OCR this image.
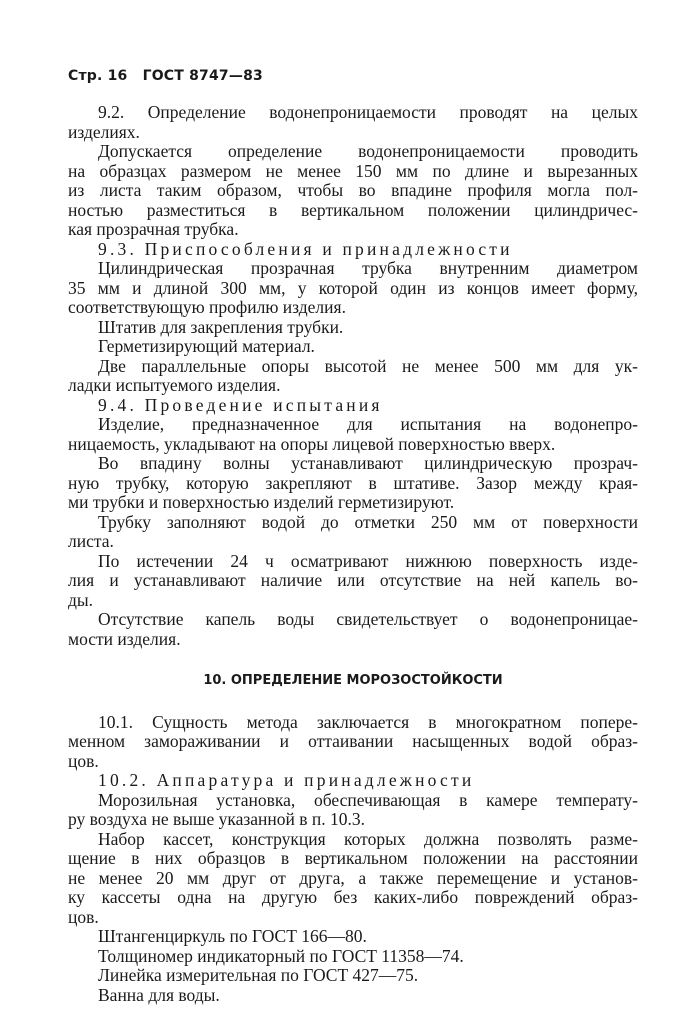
Стр. 16 ГОСТ 8747—83
9.2. Определение водонепроницаемости проводят на целых
изделиях.
Допускается определение водонепроницаемости проводить
на образцах размером не менее 150 мм по длине и вырезанных
из листа таким образом, чтобы во впадине профиля могла пол-
ностью разместиться в вертикальном положении цилиндричес-
кая прозрачная трубка.
9.3. Приспособления и принадлежности
Цилиндрическая прозрачная трубка внутренним диаметром
35 мм и длиной 300 мм, у которой один из концов имеет форму,
соответствующую профилю изделия.
Штатив для закрепления трубки.
Герметизирующий материал.
Две параллельные опоры высотой не менее 500 мм для ук-
ладки испытуемого изделия.
9.4. Проведение испытания
Изделие, предназначенное для испытания на водонепро-
ницаемость, укладывают на опоры лицевой поверхностью вверх.
Во впадину волны устанавливают цилиндрическую прозрач-
ную трубку, которую закрепляют в штативе. Зазор между края-
ми трубки и поверхностью изделий герметизируют.
Трубку заполняют водой до отметки 250 мм от поверхности
листа.
По истечении 24 ч осматривают нижнюю поверхность изде-
лия и устанавливают наличие или отсутствие на ней капель во-
ды.
Отсутствие капель воды свидетельствует о водонепроницае-
мости изделия.

10. ОПРЕДЕЛЕНИЕ МОРОЗОСТОЙКОСТИ

10.1. Сущность метода заключается в многократном попере-
менном замораживании и оттаивании насыщенных водой образ-
цов.
10.2. Аппаратура и принадлежности
Морозильная установка, обеспечивающая в камере температу-
ру воздуха не выше указанной в п. 10.3.
Набор кассет, конструкция которых должна позволять разме-
щение в них образцов в вертикальном положении на расстоянии
не менее 20 мм друг от друга, а также перемещение и установ-
ку кассеты одна на другую без каких-либо повреждений образ-
цов.
Штангенциркуль по ГОСТ 166—80.
Толщиномер индикаторный по ГОСТ 11358—74.
Линейка измерительная по ГОСТ 427—75.
Ванна для воды.
